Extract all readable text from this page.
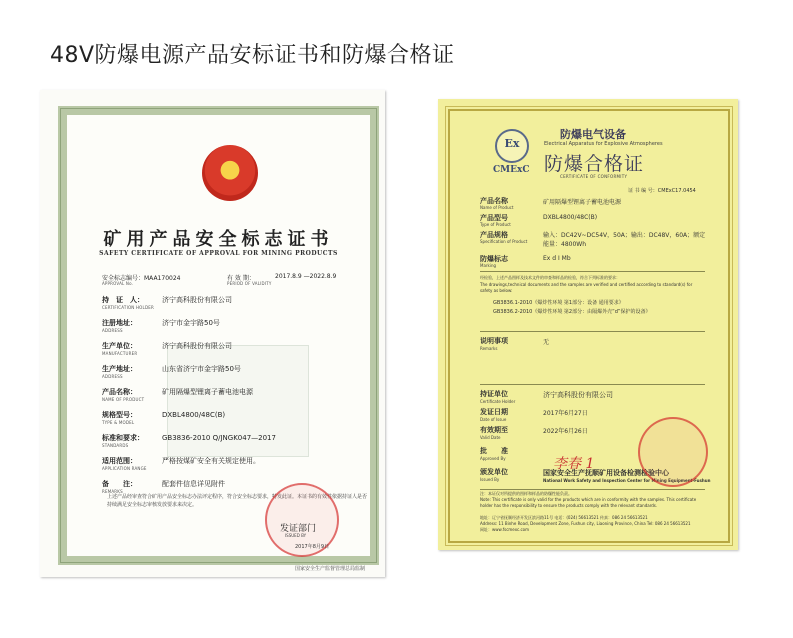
48V防爆电源产品安标证书和防爆合格证
矿用产品安全标志证书
SAFETY CERTIFICATE OF APPROVAL FOR MINING PRODUCTS
安全标志编号：MAA170024
APPROVAL No.
有 效 期：
PERIOD OF VALIDITY
2017.8.9 —2022.8.9
持　证　人：	济宁高科股份有限公司
CERTIFICATION HOLDER
注册地址：	济宁市金宇路50号
ADDRESS
生产单位：	济宁高科股份有限公司
MANUFACTURER
生产地址：	山东省济宁市金宇路50号
ADDRESS
产品名称：	矿用隔爆型锂离子蓄电池电源
NAME OF PRODUCT
规格型号：	DXBL4800/48C(B)
TYPE & MODEL
标准和要求：	GB3836-2010 Q/JNGK047—2017
STANDARDS
适用范围：	严格按煤矿安全有关规定使用。
APPLICATION RANGE
备　　注：	配套件信息详见附件
REMARKS
上述产品经审查符合矿用产品安全标志办法评定程序，符合安全标志要求，特发此证。本证书的有效性依据持证人是否持续满足安全标志审核发放要求来决定。
发证部门
ISSUED BY
2017年8月9日
国家安全生产监督管理总局监制
Ex
CMExC
防爆电气设备
Electrical Apparatus for Explosive Atmospheres
防爆合格证
CERTIFICATE OF CONFORMITY
证 书 编 号：CMExC17.0454
产品名称
Name of Product
矿用隔爆型锂离子蓄电池电源
产品型号
Type of Product
DXBL4800/48C(B)
产品规格
Specification of Product
输入：DC42V~DC54V，50A；输出：DC48V，60A；额定能量：4800Wh
防爆标志
Marking
Ex d I Mb
经检验，上述产品图样及技术文件的审查和样品的检验，符合下列标准的要求：
The drawings,technical documents and the samples are verified and certified according to standard(s) for safety as below:
GB3836.1-2010《爆炸性环境 第1部分：设备 通用要求》
GB3836.2-2010《爆炸性环境 第2部分：由隔爆外壳“d”保护的设备》
说明事项
Remarks
无
持证单位
Certificate Holder
济宁高科股份有限公司
发证日期
Date of Issue
2017年6月27日
有效期至
Valid Date
2022年6月26日
批　　准
Approved By	李春 1
颁发单位
Issued By
国家安全生产抚顺矿用设备检测检验中心
National Work Safety and Inspection Center for Mining Equipment-Fushun
注：本证仅对所提供的图样和样品的防爆性能负责。
Note: This certificate is only valid for the products which are in conformity with the samples. This certificate holder has the responsibility to ensure the products comply with the relevant standards.
地址：辽宁省抚顺经济开发区滨河路11号 电话：(024) 56613521 传真：086 24 56613521
Address: 11 Binhe Road, Development Zone, Fushun city, Liaoning Province, China Tel: 086 24 56613521
网址：www.fscmexc.com
